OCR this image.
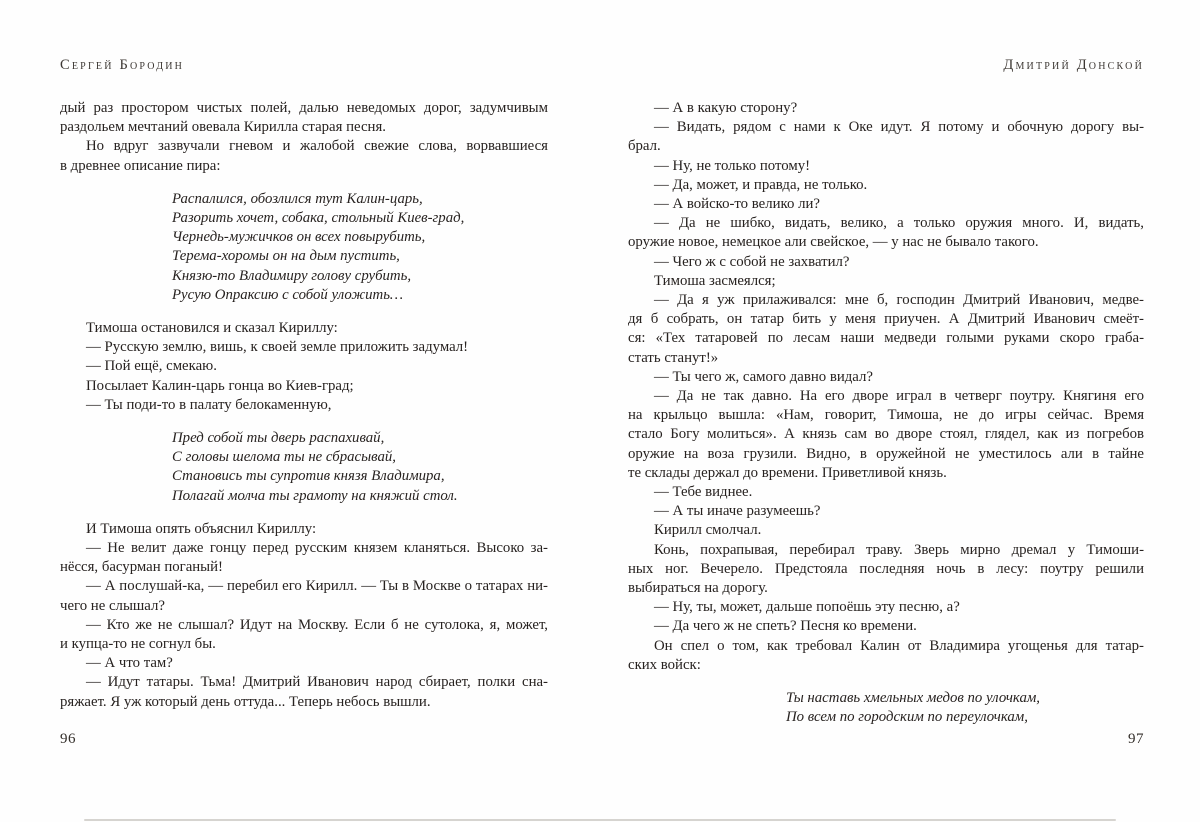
Сергей Бородин	Дмитрий Донской
дый раз простором чистых полей, далью неведомых дорог, задумчивым
раздольем мечтаний овевала Кирилла старая песня.
Но вдруг зазвучали гневом и жалобой свежие слова, ворвавшиеся
в древнее описание пира:
Распалился, обозлился тут Калин-царь,
Разорить хочет, собака, стольный Киев-град,
Чернедь-мужичков он всех повырубить,
Терема-хоромы он на дым пустить,
Князю-то Владимиру голову срубить,
Русую Опраксию с собой уложить…
Тимоша остановился и сказал Кириллу:
— Русскую землю, вишь, к своей земле приложить задумал!
— Пой ещё, смекаю.
Посылает Калин-царь гонца во Киев-град;
— Ты поди-то в палату белокаменную,
Пред собой ты дверь распахивай,
С головы шелома ты не сбрасывай,
Становись ты супротив князя Владимира,
Полагай молча ты грамоту на княжий стол.
И Тимоша опять объяснил Кириллу:
— Не велит даже гонцу перед русским князем кланяться. Высоко за-
нёсся, басурман поганый!
— А послушай-ка, — перебил его Кирилл. — Ты в Москве о татарах ни-
чего не слышал?
— Кто же не слышал? Идут на Москву. Если б не сутолока, я, может,
и купца-то не согнул бы.
— А что там?
— Идут татары. Тьма! Дмитрий Иванович народ сбирает, полки сна-
ряжает. Я уж который день оттуда... Теперь небось вышли.
— А в какую сторону?
— Видать, рядом с нами к Оке идут. Я потому и обочную дорогу вы-
брал.
— Ну, не только потому!
— Да, может, и правда, не только.
— А войско-то велико ли?
— Да не шибко, видать, велико, а только оружия много. И, видать,
оружие новое, немецкое али свейское, — у нас не бывало такого.
— Чего ж с собой не захватил?
Тимоша засмеялся;
— Да я уж прилаживался: мне б, господин Дмитрий Иванович, медве-
дя б собрать, он татар бить у меня приучен. А Дмитрий Иванович смеёт-
ся: «Тех татаровей по лесам наши медведи голыми руками скоро граба-
стать станут!»
— Ты чего ж, самого давно видал?
— Да не так давно. На его дворе играл в четверг поутру. Княгиня его
на крыльцо вышла: «Нам, говорит, Тимоша, не до игры сейчас. Время
стало Богу молиться». А князь сам во дворе стоял, глядел, как из погребов
оружие на воза грузили. Видно, в оружейной не уместилось али в тайне
те склады держал до времени. Приветливой князь.
— Тебе виднее.
— А ты иначе разумеешь?
Кирилл смолчал.
Конь, похрапывая, перебирал траву. Зверь мирно дремал у Тимоши-
ных ног. Вечерело. Предстояла последняя ночь в лесу: поутру решили
выбираться на дорогу.
— Ну, ты, может, дальше попоёшь эту песню, а?
— Да чего ж не спеть? Песня ко времени.
Он спел о том, как требовал Калин от Владимира угощенья для татар-
ских войск:
Ты наставь хмельных медов по улочкам,
По всем по городским по переулочкам,
96	97
